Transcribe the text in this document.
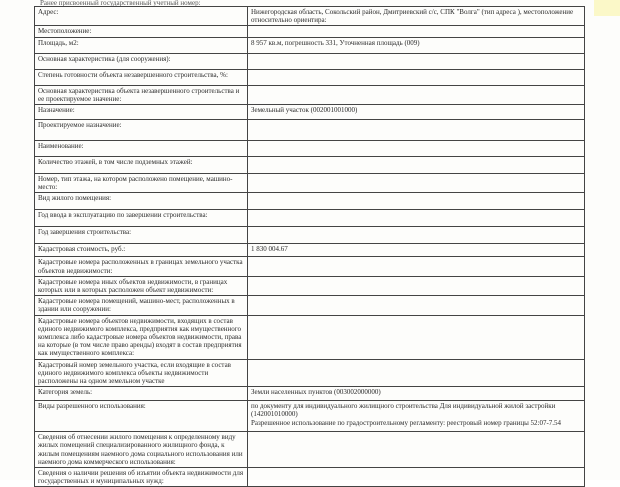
Ранее присвоенный государственный учетный номер:
Адрес:	Нижегородская область, Сокольский район, Дмитриевский с/с, СПК "Волга" (тип адреса ), местоположение относительно ориентира:
Местоположение:	
Площадь, м2:	8 957 кв.м, погрешность 331, Уточненная площадь (009)
Основная характеристика (для сооружения):	
Степень готовности объекта незавершенного строительства, %:	
Основная характеристика объекта незавершенного строительства и ее проектируемое значение:	
Назначение:	Земельный участок (002001001000)
Проектируемое назначение:	
Наименование:	
Количество этажей, в том числе подземных этажей:	
Номер, тип этажа, на котором расположено помещение, машино-место:	
Вид жилого помещения:	
Год ввода в эксплуатацию по завершении строительства:	
Год завершения строительства:	
Кадастровая стоимость, руб.:	1 830 004.67
Кадастровые номера расположенных в границах земельного участка объектов недвижимости:	
Кадастровые номера иных объектов недвижимости, в границах которых или в которых расположен объект недвижимости:	
Кадастровые номера помещений, машино-мест, расположенных в здании или сооружении:	
Кадастровые номера объектов недвижимости, входящих в состав единого недвижимого комплекса, предприятия как имущественного комплекса либо кадастровые номера объектов недвижимости, права на которые (в том числе право аренды) входят в состав предприятия как имущественного комплекса:	
Кадастровый номер земельного участка, если входящие в состав единого недвижимого комплекса объекты недвижимости расположены на одном земельном участке	
Категория земель:	Земли населенных пунктов (003002000000)
Виды разрешенного использования:	по документу для индивидуального жилищного строительства Для индивидуальной жилой застройки (142001010000)
Разрешенное использование по градостроительному регламенту: реестровый номер границы 52:07-7.54
Сведения об отнесении жилого помещения к определенному виду жилых помещений специализированного жилищного фонда, к жилым помещениям наемного дома социального использования или наемного дома коммерческого использования:	
Сведения о наличии решения об изъятии объекта недвижимости для государственных и муниципальных нужд:	
